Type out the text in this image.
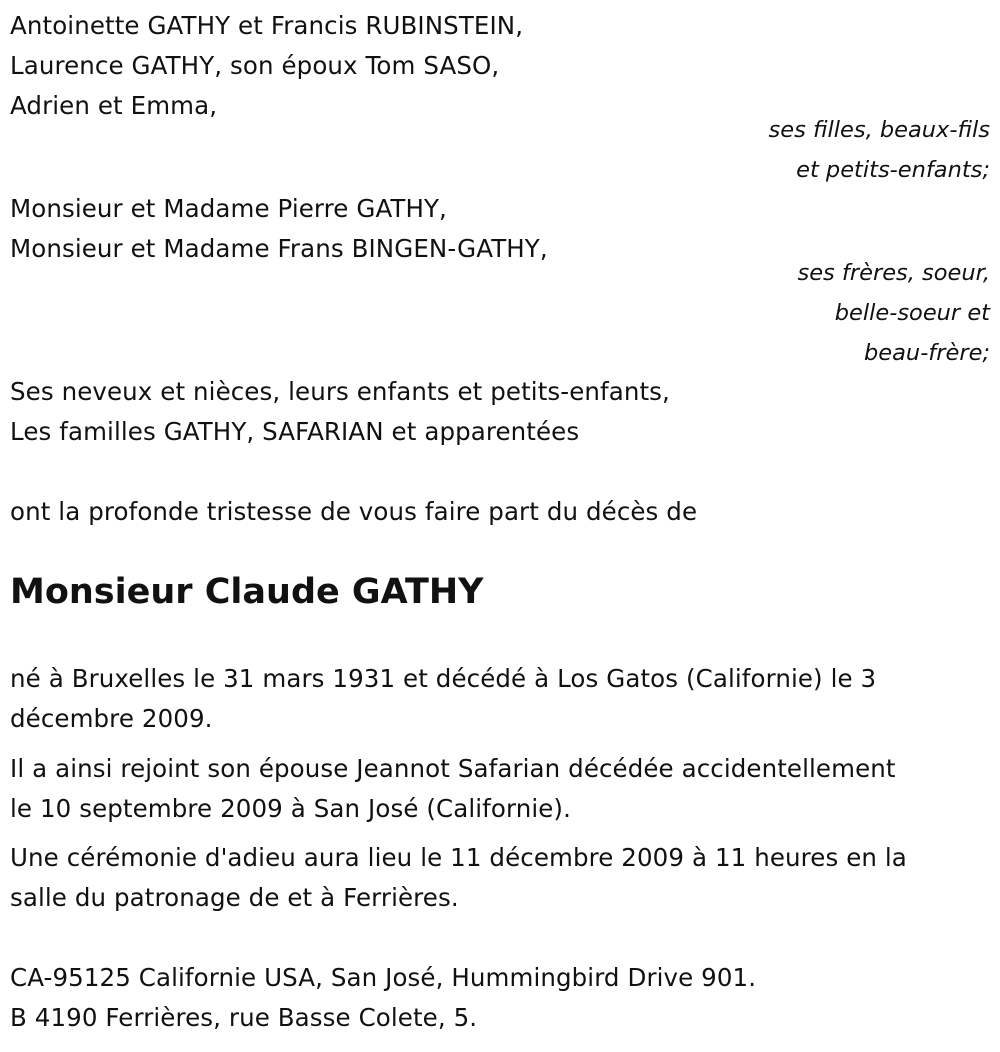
Antoinette GATHY et Francis RUBINSTEIN,
Laurence GATHY, son époux Tom SASO,
Adrien et Emma,
ses filles, beaux-fils
et petits-enfants;
Monsieur et Madame Pierre GATHY,
Monsieur et Madame Frans BINGEN-GATHY,
ses frères, soeur,
belle-soeur et
beau-frère;
Ses neveux et nièces, leurs enfants et petits-enfants,
Les familles GATHY, SAFARIAN et apparentées
ont la profonde tristesse de vous faire part du décès de
Monsieur Claude GATHY
né à Bruxelles le 31 mars 1931 et décédé à Los Gatos (Californie) le 3
décembre 2009.
Il a ainsi rejoint son épouse Jeannot Safarian décédée accidentellement
le 10 septembre 2009 à San José (Californie).
Une cérémonie d'adieu aura lieu le 11 décembre 2009 à 11 heures en la
salle du patronage de et à Ferrières.
CA-95125 Californie USA, San José, Hummingbird Drive 901.
B 4190 Ferrières, rue Basse Colete, 5.
